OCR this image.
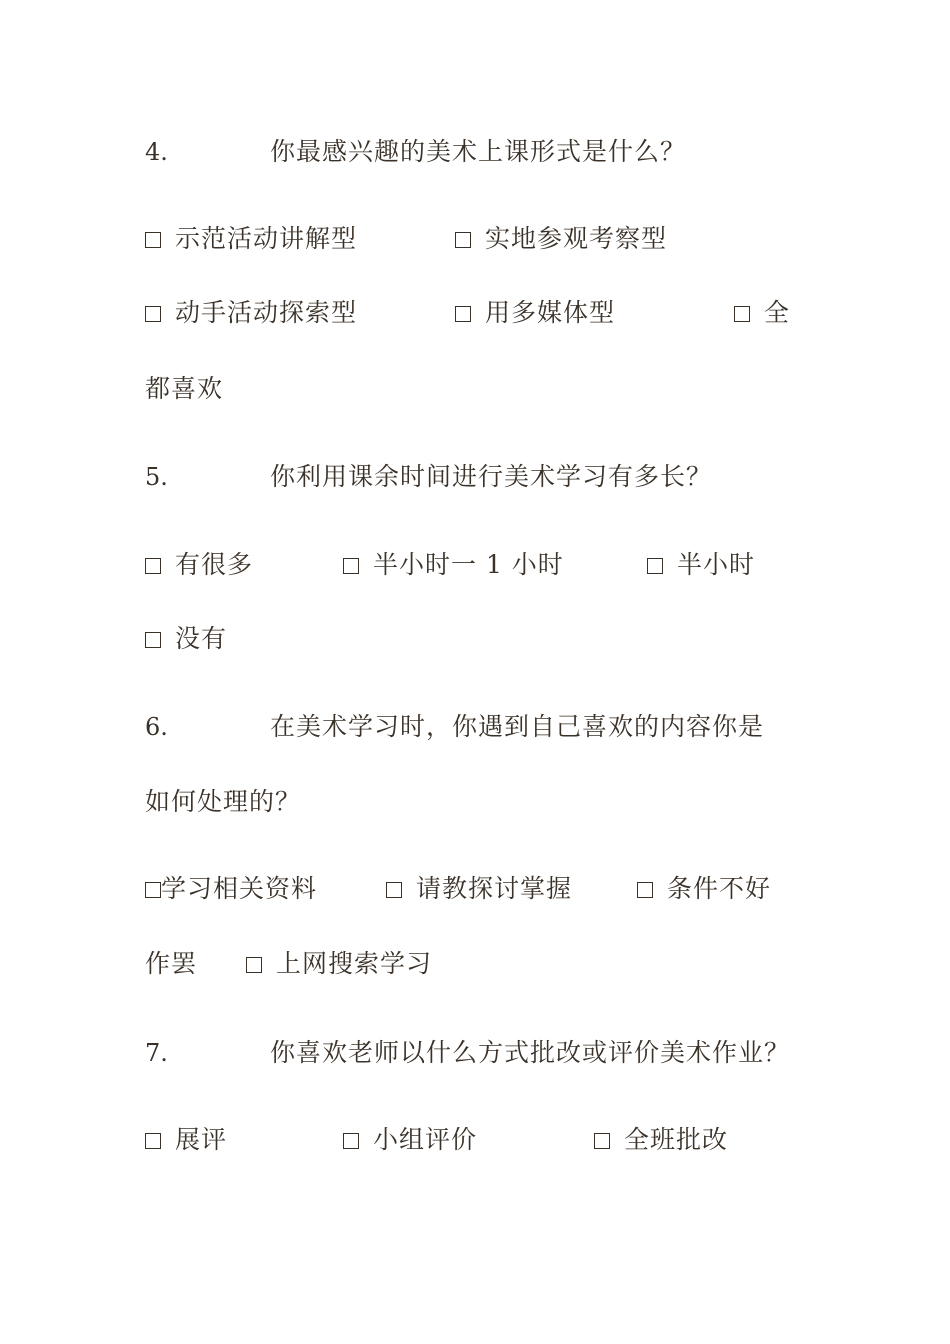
4.	你最感兴趣的美术上课形式是什么？
示范活动讲解型	实地参观考察型
动手活动探索型	用多媒体型	全
都喜欢
5.	你利用课余时间进行美术学习有多长？
有很多	半小时一 1 小时	半小时
没有
6.	在美术学习时，你遇到自己喜欢的内容你是
如何处理的？
学习相关资料	请教探讨掌握	条件不好
作罢	上网搜索学习
7.	你喜欢老师以什么方式批改或评价美术作业？
展评	小组评价	全班批改
